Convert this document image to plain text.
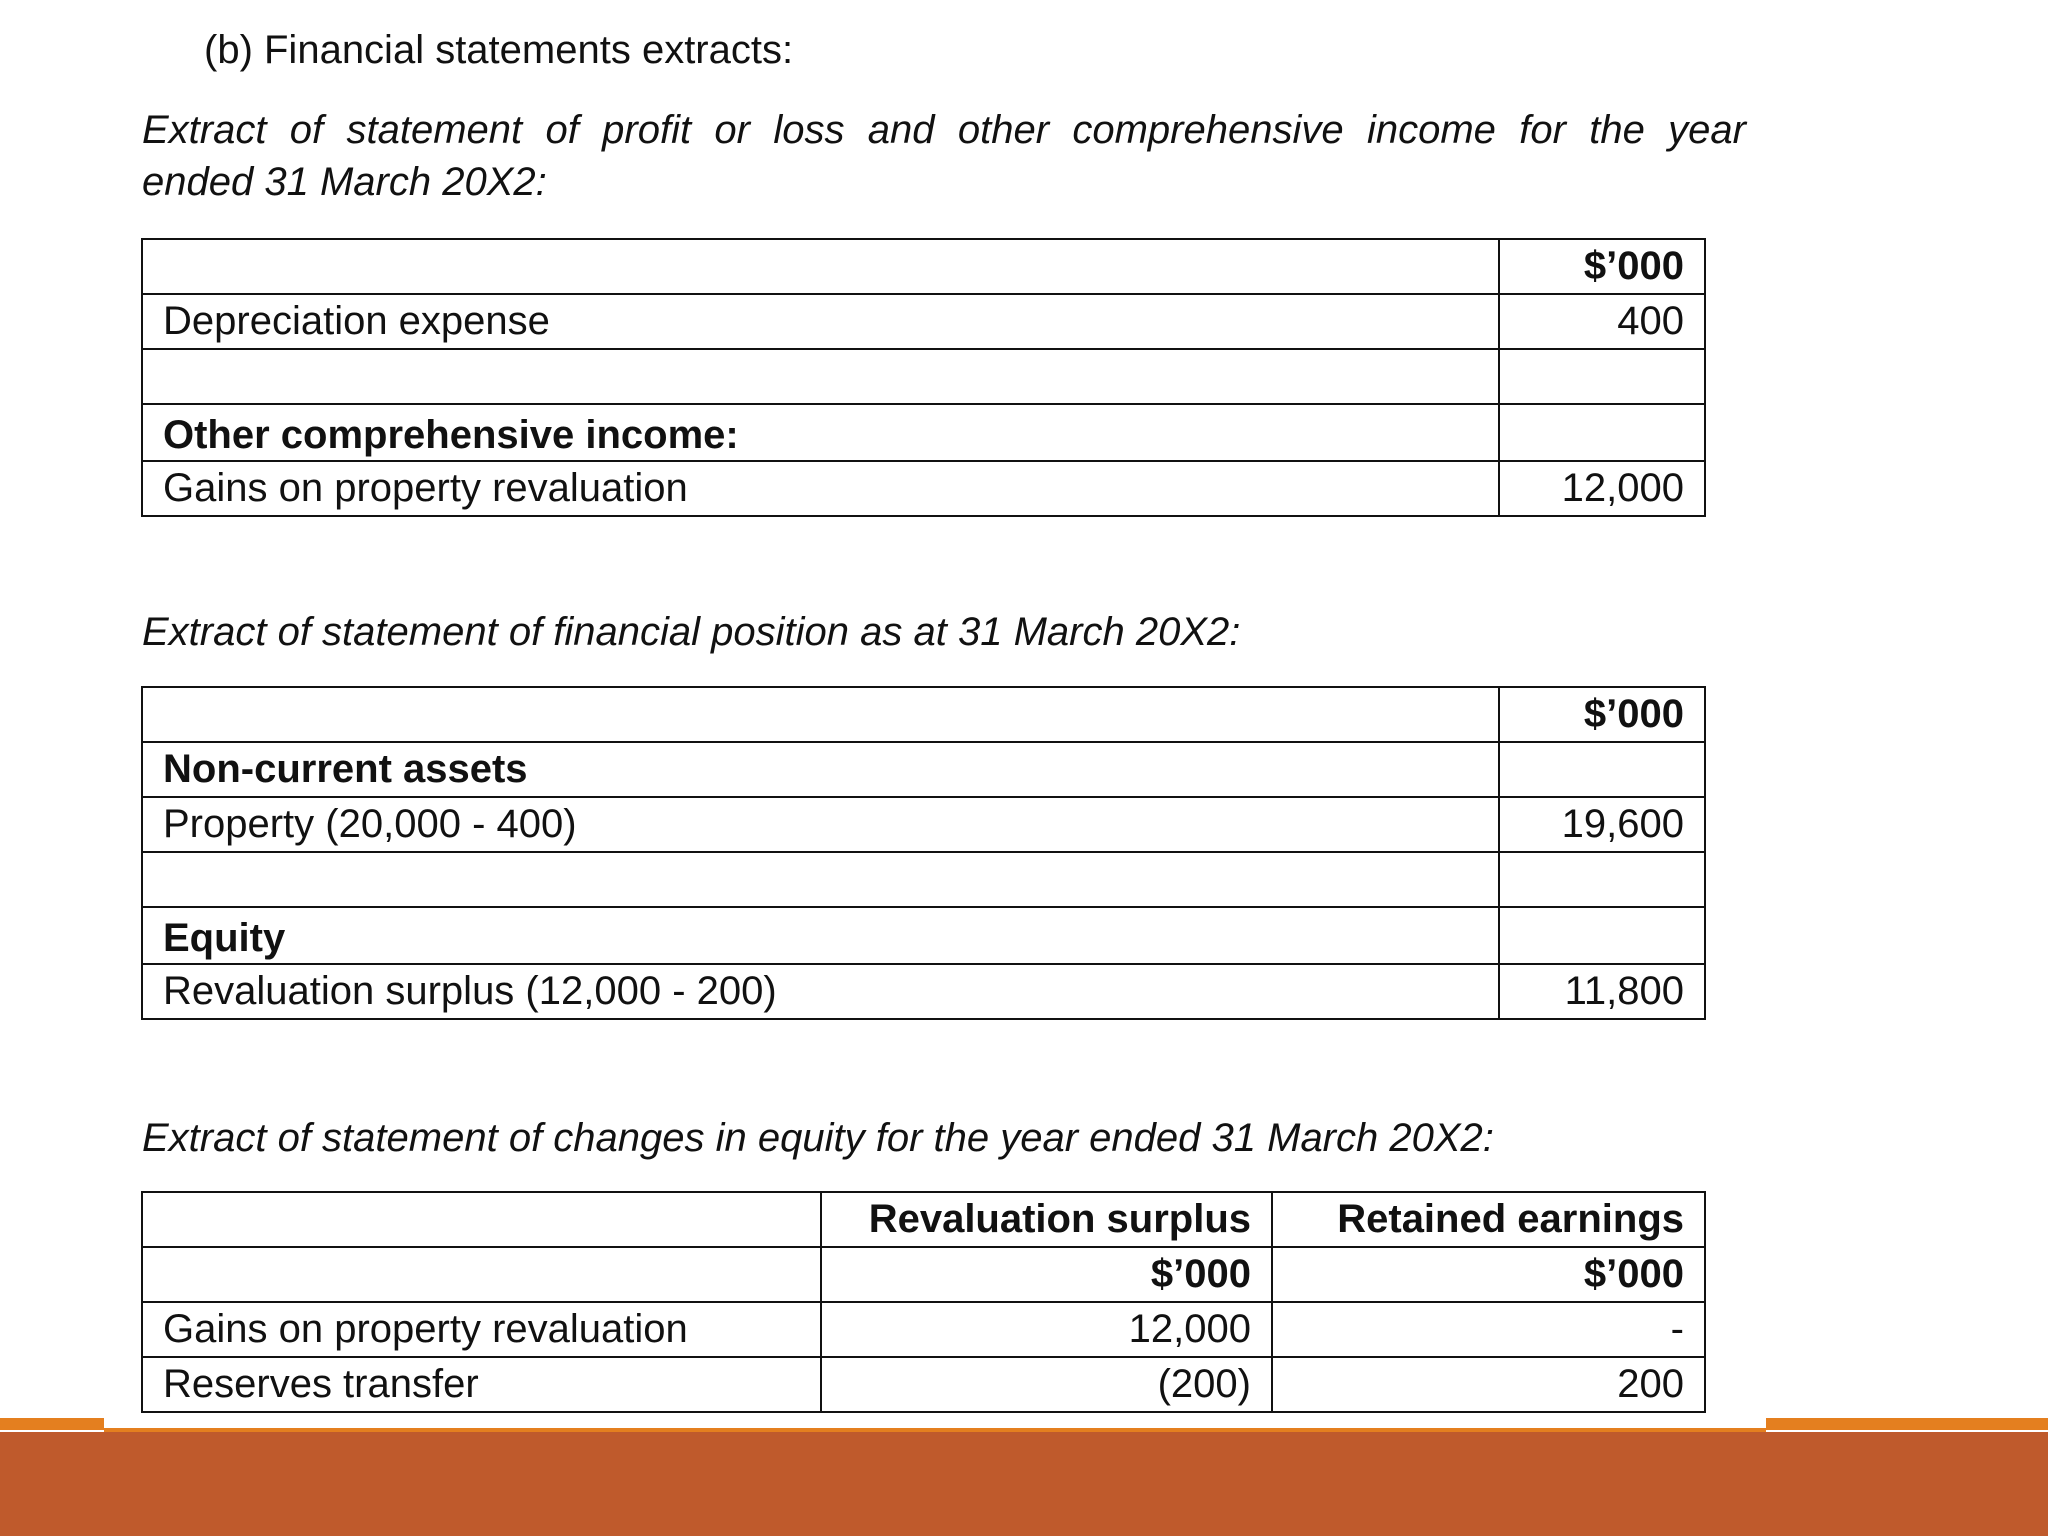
(b) Financial statements extracts:

Extract of statement of profit or loss and other comprehensive income for the year

ended 31 March 20X2:

	$’000
Depreciation expense	400

Other comprehensive income:	
Gains on property revaluation	12,000

Extract of statement of financial position as at 31 March 20X2:

	$’000
Non-current assets	
Property (20,000 - 400)	19,600

Equity	
Revaluation surplus (12,000 - 200)	11,800

Extract of statement of changes in equity for the year ended 31 March 20X2:

	Revaluation surplus	Retained earnings
	$’000	$’000
Gains on property revaluation	12,000	-
Reserves transfer	(200)	200
